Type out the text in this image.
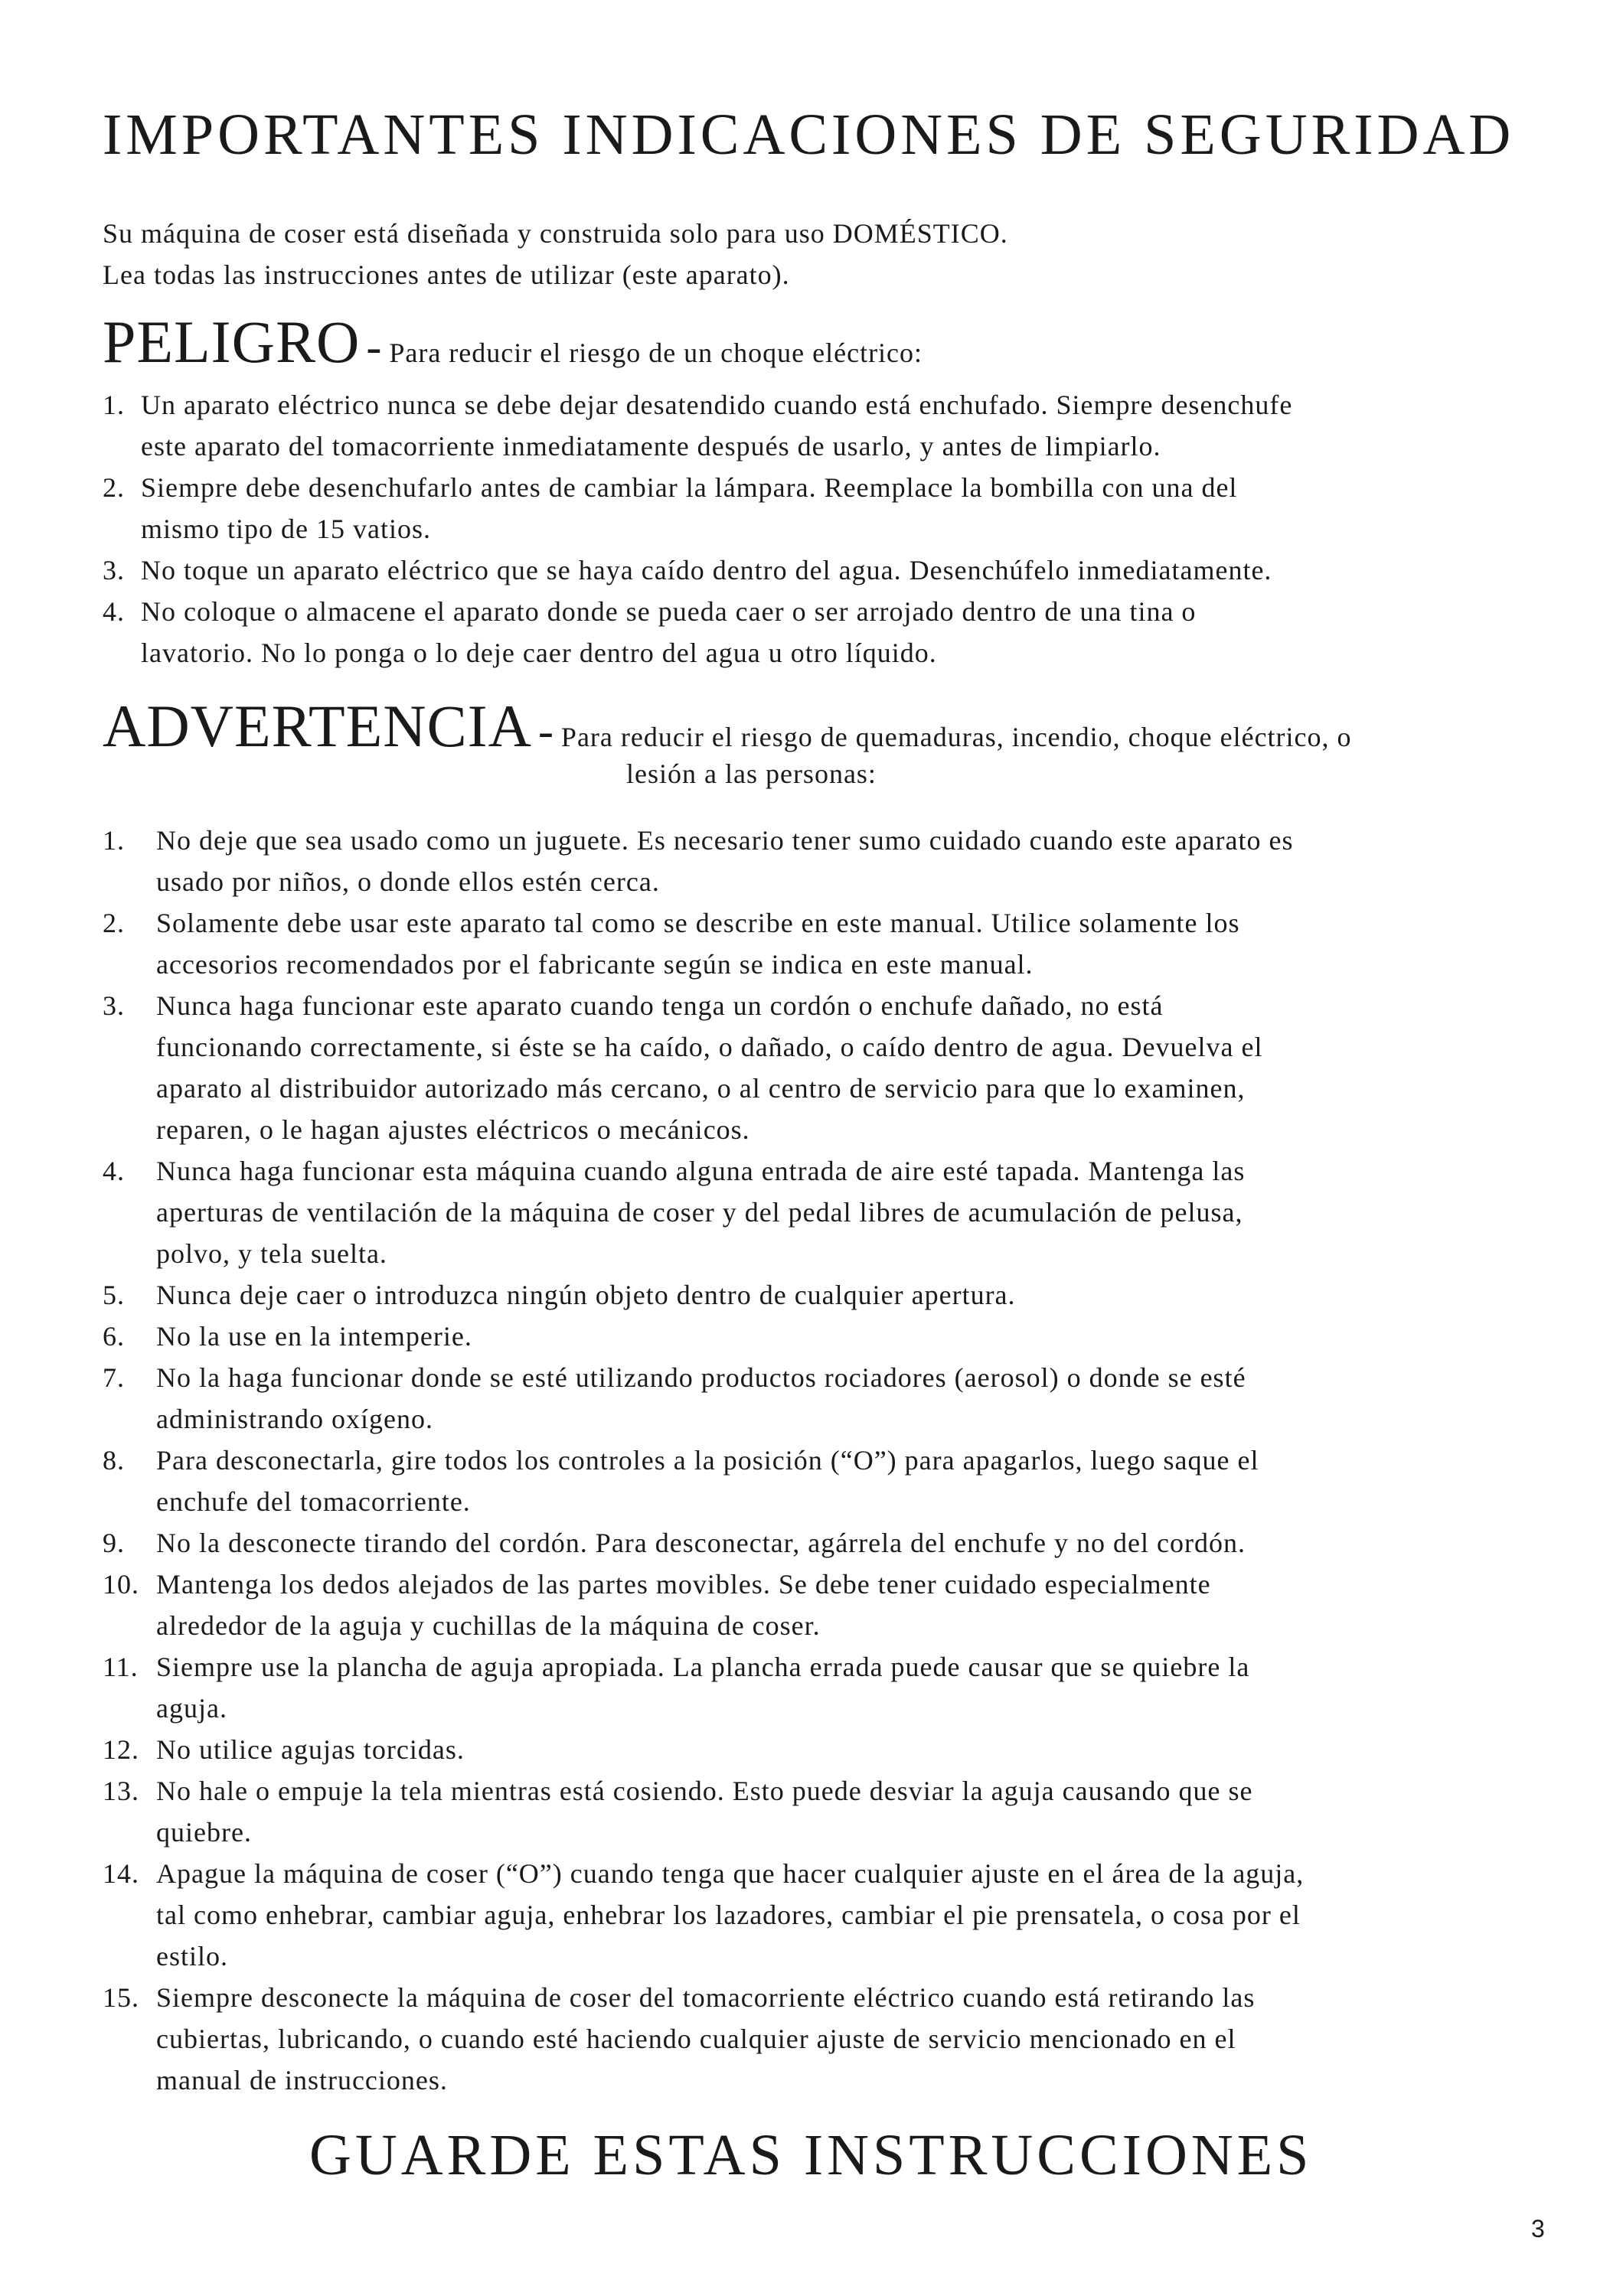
IMPORTANTES INDICACIONES DE SEGURIDAD
Su máquina de coser está diseñada y construida solo para uso DOMÉSTICO.
Lea todas las instrucciones antes de utilizar (este aparato).
PELIGRO - Para reducir el riesgo de un choque eléctrico:
1. Un aparato eléctrico nunca se debe dejar desatendido cuando está enchufado. Siempre desenchufe
este aparato del tomacorriente inmediatamente después de usarlo, y antes de limpiarlo.
2. Siempre debe desenchufarlo antes de cambiar la lámpara. Reemplace la bombilla con una del
mismo tipo de 15 vatios.
3. No toque un aparato eléctrico que se haya caído dentro del agua. Desenchúfelo inmediatamente.
4. No coloque o almacene el aparato donde se pueda caer o ser arrojado dentro de una tina o
lavatorio. No lo ponga o lo deje caer dentro del agua u otro líquido.
ADVERTENCIA - Para reducir el riesgo de quemaduras, incendio, choque eléctrico, o
lesión a las personas:
1. No deje que sea usado como un juguete. Es necesario tener sumo cuidado cuando este aparato es
usado por niños, o donde ellos estén cerca.
2. Solamente debe usar este aparato tal como se describe en este manual. Utilice solamente los
accesorios recomendados por el fabricante según se indica en este manual.
3. Nunca haga funcionar este aparato cuando tenga un cordón o enchufe dañado, no está
funcionando correctamente, si éste se ha caído, o dañado, o caído dentro de agua. Devuelva el
aparato al distribuidor autorizado más cercano, o al centro de servicio para que lo examinen,
reparen, o le hagan ajustes eléctricos o mecánicos.
4. Nunca haga funcionar esta máquina cuando alguna entrada de aire esté tapada. Mantenga las
aperturas de ventilación de la máquina de coser y del pedal libres de acumulación de pelusa,
polvo, y tela suelta.
5. Nunca deje caer o introduzca ningún objeto dentro de cualquier apertura.
6. No la use en la intemperie.
7. No la haga funcionar donde se esté utilizando productos rociadores (aerosol) o donde se esté
administrando oxígeno.
8. Para desconectarla, gire todos los controles a la posición (“O”) para apagarlos, luego saque el
enchufe del tomacorriente.
9. No la desconecte tirando del cordón. Para desconectar, agárrela del enchufe y no del cordón.
10. Mantenga los dedos alejados de las partes movibles. Se debe tener cuidado especialmente
alrededor de la aguja y cuchillas de la máquina de coser.
11. Siempre use la plancha de aguja apropiada. La plancha errada puede causar que se quiebre la
aguja.
12. No utilice agujas torcidas.
13. No hale o empuje la tela mientras está cosiendo. Esto puede desviar la aguja causando que se
quiebre.
14. Apague la máquina de coser (“O”) cuando tenga que hacer cualquier ajuste en el área de la aguja,
tal como enhebrar, cambiar aguja, enhebrar los lazadores, cambiar el pie prensatela, o cosa por el
estilo.
15. Siempre desconecte la máquina de coser del tomacorriente eléctrico cuando está retirando las
cubiertas, lubricando, o cuando esté haciendo cualquier ajuste de servicio mencionado en el
manual de instrucciones.
GUARDE ESTAS INSTRUCCIONES
3
